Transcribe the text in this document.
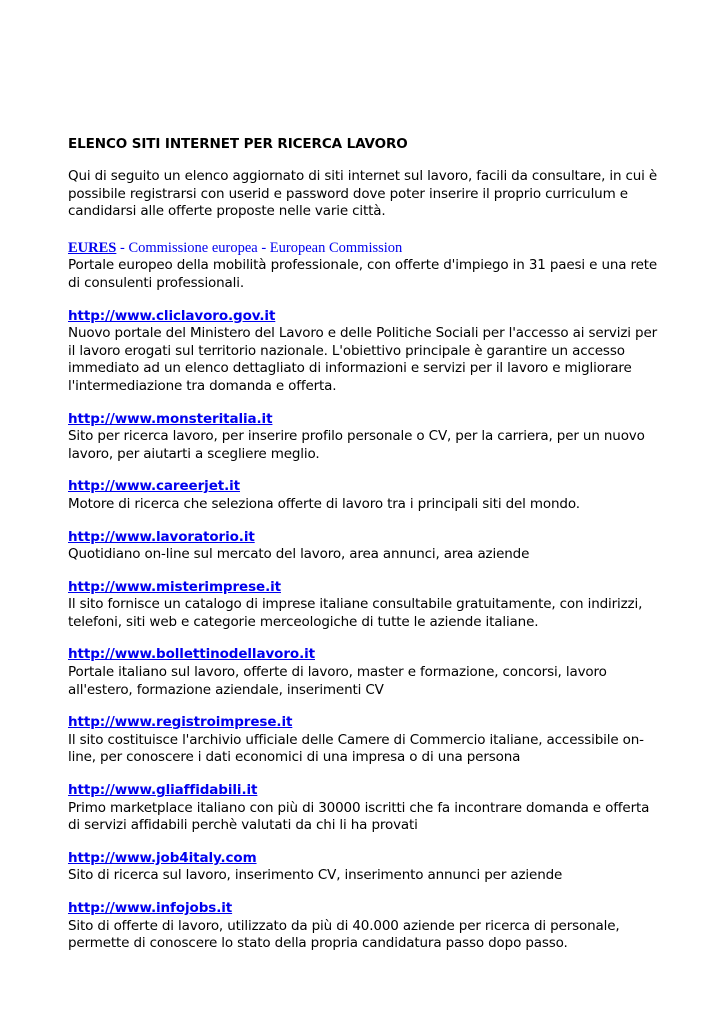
ELENCO SITI INTERNET PER RICERCA LAVORO
Qui di seguito un elenco aggiornato di siti internet sul lavoro, facili da consultare, in cui è possibile registrarsi con userid e password dove poter inserire il proprio curriculum e candidarsi alle offerte proposte nelle varie città.
EURES - Commissione europea - European Commission
Portale europeo della mobilità professionale, con offerte d'impiego in 31 paesi e una rete di consulenti professionali.
http://www.cliclavoro.gov.it
Nuovo portale del Ministero del Lavoro e delle Politiche Sociali per l'accesso ai servizi per il lavoro erogati sul territorio nazionale. L'obiettivo principale è garantire un accesso immediato ad un elenco dettagliato di informazioni e servizi per il lavoro e migliorare l'intermediazione tra domanda e offerta.
http://www.monsteritalia.it
Sito per ricerca lavoro, per inserire profilo personale o CV, per la carriera, per un nuovo lavoro, per aiutarti a scegliere meglio.
http://www.careerjet.it
Motore di ricerca che seleziona offerte di lavoro tra i principali siti del mondo.
http://www.lavoratorio.it
Quotidiano on-line sul mercato del lavoro, area annunci, area aziende
http://www.misterimprese.it
Il sito fornisce un catalogo di imprese italiane consultabile gratuitamente, con indirizzi, telefoni, siti web e categorie merceologiche di tutte le aziende italiane.
http://www.bollettinodellavoro.it
Portale italiano sul lavoro, offerte di lavoro, master e formazione, concorsi, lavoro all'estero, formazione aziendale, inserimenti CV
http://www.registroimprese.it
Il sito costituisce l'archivio ufficiale delle Camere di Commercio italiane, accessibile on-line, per conoscere i dati economici di una impresa o di una persona
http://www.gliaffidabili.it
Primo marketplace italiano con più di 30000 iscritti che fa incontrare domanda e offerta di servizi affidabili perchè valutati da chi li ha provati
http://www.job4italy.com
Sito di ricerca sul lavoro, inserimento CV, inserimento annunci per aziende
http://www.infojobs.it
Sito di offerte di lavoro, utilizzato da più di 40.000 aziende per ricerca di personale, permette di conoscere lo stato della propria candidatura passo dopo passo.
